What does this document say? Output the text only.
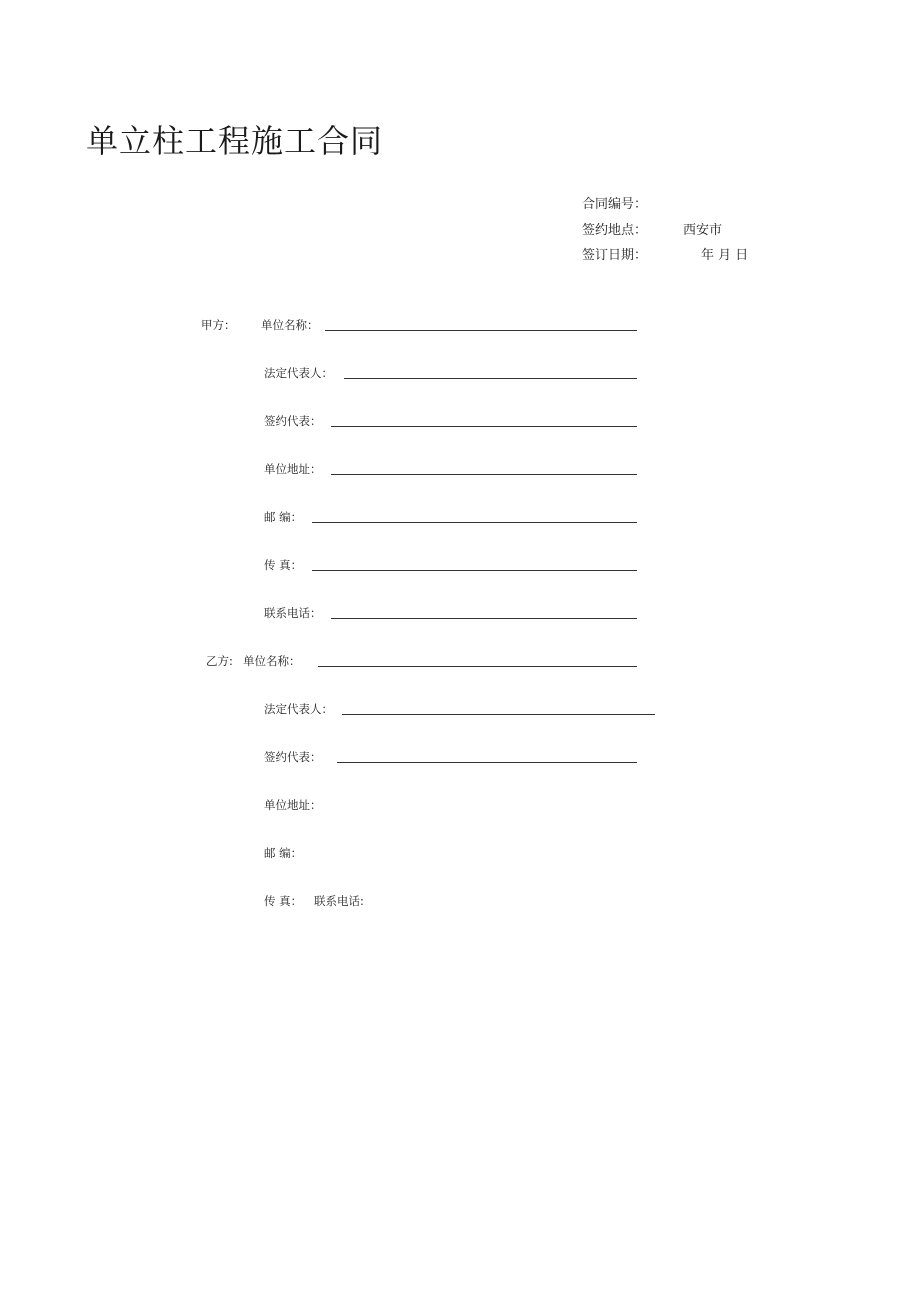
单立柱工程施工合同
合同编号：
签约地点：	西安市
签订日期：	年 月 日
甲方： 单位名称：
法定代表人：
签约代表：
单位地址：
邮 编：
传 真：
联系电话：
乙方: 单位名称：
法定代表人：
签约代表：
单位地址：
邮 编：
传 真： 联系电话:
